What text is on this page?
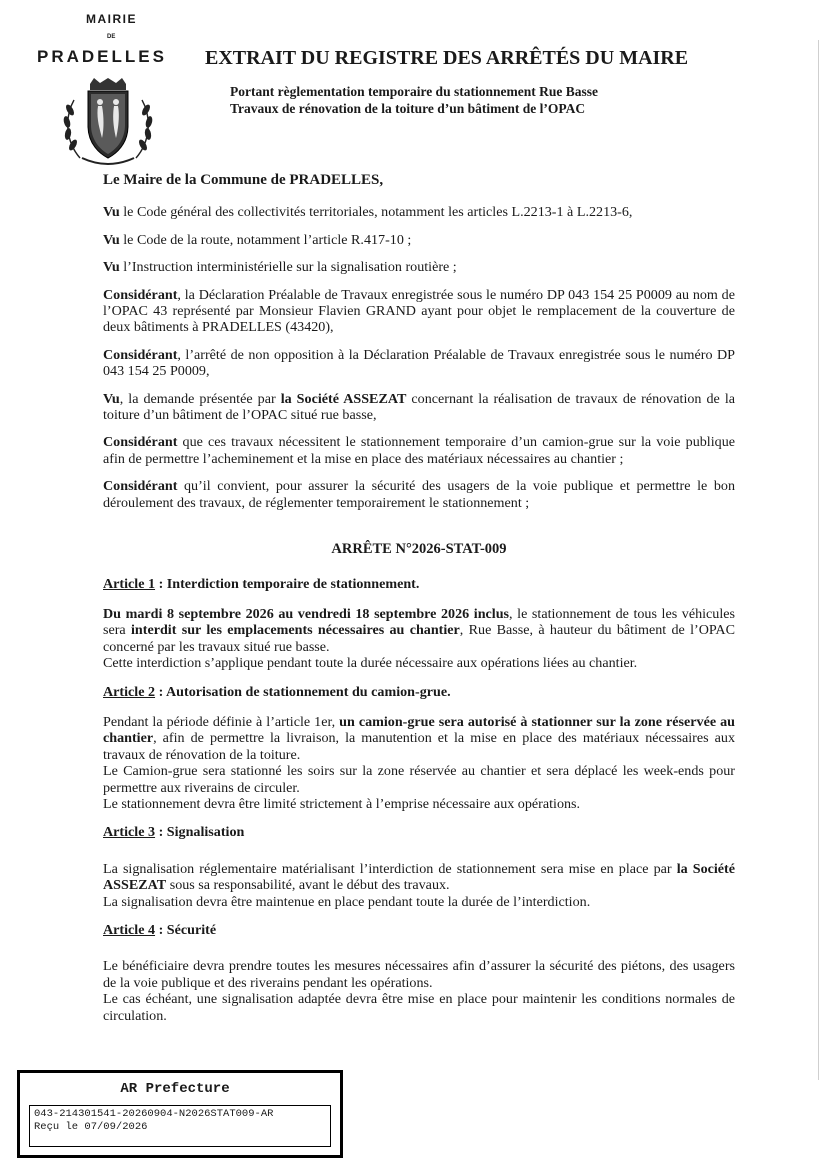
MAIRIE
DE
PRADELLES EXTRAIT DU REGISTRE DES ARRÊTÉS DU MAIRE
Portant règlementation temporaire du stationnement Rue Basse
Travaux de rénovation de la toiture d’un bâtiment de l’OPAC

Le Maire de la Commune de PRADELLES,

Vu le Code général des collectivités territoriales, notamment les articles L.2213-1 à L.2213-6,

Vu le Code de la route, notamment l’article R.417-10 ;

Vu l’Instruction interministérielle sur la signalisation routière ;

Considérant, la Déclaration Préalable de Travaux enregistrée sous le numéro DP 043 154 25 P0009 au nom de l’OPAC 43 représenté par Monsieur Flavien GRAND ayant pour objet le remplacement de la couverture de deux bâtiments à PRADELLES (43420),

Considérant, l’arrêté de non opposition à la Déclaration Préalable de Travaux enregistrée sous le numéro DP 043 154 25 P0009,

Vu, la demande présentée par la Société ASSEZAT concernant la réalisation de travaux de rénovation de la toiture d’un bâtiment de l’OPAC situé rue basse,

Considérant que ces travaux nécessitent le stationnement temporaire d’un camion-grue sur la voie publique afin de permettre l’acheminement et la mise en place des matériaux nécessaires au chantier ;

Considérant qu’il convient, pour assurer la sécurité des usagers de la voie publique et permettre le bon déroulement des travaux, de réglementer temporairement le stationnement ;

ARRÊTE N°2026-STAT-009

Article 1 : Interdiction temporaire de stationnement.

Du mardi 8 septembre 2026 au vendredi 18 septembre 2026 inclus, le stationnement de tous les véhicules sera interdit sur les emplacements nécessaires au chantier, Rue Basse, à hauteur du bâtiment de l’OPAC concerné par les travaux situé rue basse.

Cette interdiction s’applique pendant toute la durée nécessaire aux opérations liées au chantier.

Article 2 : Autorisation de stationnement du camion-grue.

Pendant la période définie à l’article 1er, un camion-grue sera autorisé à stationner sur la zone réservée au chantier, afin de permettre la livraison, la manutention et la mise en place des matériaux nécessaires aux travaux de rénovation de la toiture.

Le Camion-grue sera stationné les soirs sur la zone réservée au chantier et sera déplacé les week-ends pour permettre aux riverains de circuler.

Le stationnement devra être limité strictement à l’emprise nécessaire aux opérations.

Article 3 : Signalisation

La signalisation réglementaire matérialisant l’interdiction de stationnement sera mise en place par la Société ASSEZAT sous sa responsabilité, avant le début des travaux.

La signalisation devra être maintenue en place pendant toute la durée de l’interdiction.

Article 4 : Sécurité

Le bénéficiaire devra prendre toutes les mesures nécessaires afin d’assurer la sécurité des piétons, des usagers de la voie publique et des riverains pendant les opérations.

Le cas échéant, une signalisation adaptée devra être mise en place pour maintenir les conditions normales de circulation.

AR Prefecture
043-214301541-20260904-N2026STAT009-AR
Reçu le 07/09/2026
